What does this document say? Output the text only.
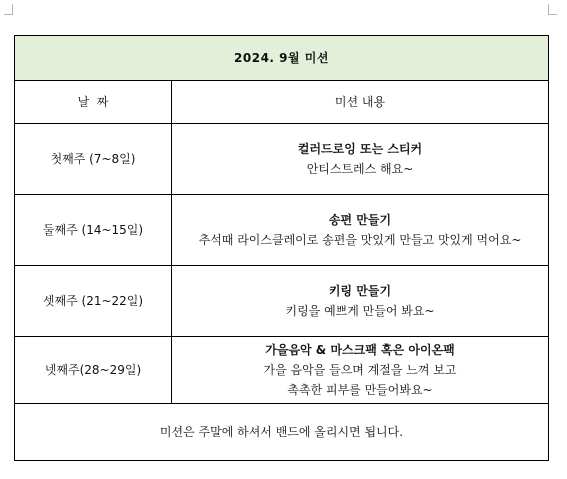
2024. 9월 미션	
날  짜	미션 내용
첫째주 (7~8일)	컬러드로잉 또는 스티커
안티스트레스 해요~

둘째주 (14~15일)	송편 만들기
추석때 라이스클레이로 송편을 맛있게 만들고 맛있게 먹어요~

셋째주 (21~22일)	키링 만들기
키링을 예쁘게 만들어 봐요~

넷째주(28~29일)	가을음악 & 마스크팩 혹은 아이온팩
가을 음악을 들으며 계절을 느껴 보고
촉촉한 피부를 만들어봐요~

미션은 주말에 하셔서 밴드에 올리시면 됩니다.	
